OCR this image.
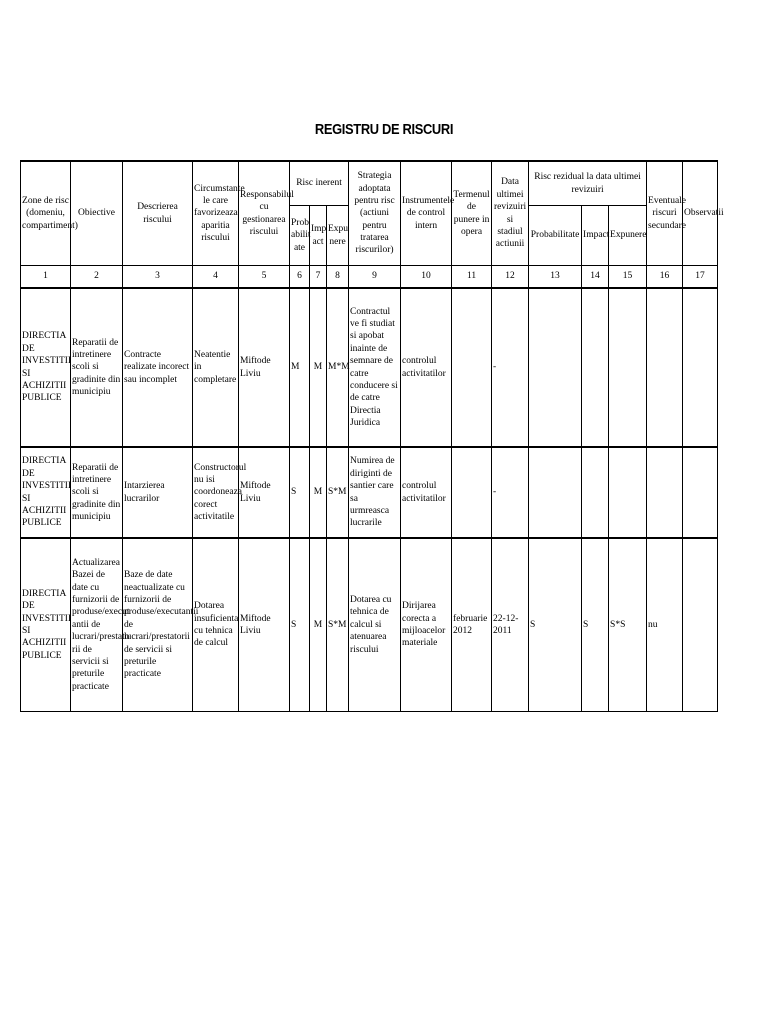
REGISTRU DE RISCURI
Zone de risc (domeniu, compartiment)	Obiective	Descrierea riscului	Circumstante le care favorizeaza aparitia riscului	Responsabilul cu gestionarea riscului	Risc inerent			Strategia adoptata pentru risc (actiuni pentru tratarea riscurilor)	Instrumentele de control intern	Termenul de punere in opera	Data ultimei revizuiri si stadiul actiunii	Risc rezidual la data ultimei revizuiri			Eventuale riscuri secundare	Observatii
					Prob abilit ate	Imp act	Expu nere					Probabilitate	Impact	Expunere		
1	2	3	4	5	6	7	8	9	10	11	12	13	14	15	16	17
DIRECTIA DE INVESTITII SI ACHIZITII PUBLICE	Reparatii de intretinere scoli si gradinite din municipiu	Contracte realizate incorect sau incomplet	Neatentie in completare	Miftode Liviu	M	M	M*M	Contractul ve fi studiat si apobat inainte de semnare de catre conducere si de catre Directia Juridica	controlul activitatilor		-					
DIRECTIA DE INVESTITII SI ACHIZITII PUBLICE	Reparatii de intretinere scoli si gradinite din municipiu	Intarzierea lucrarilor	Constructorul nu isi coordoneaza corect activitatile	Miftode Liviu	S	M	S*M	Numirea de diriginti de santier care sa urmreasca lucrarile	controlul activitatilor		-					
DIRECTIA DE INVESTITII SI ACHIZITII PUBLICE	Actualizarea Bazei de date cu furnizorii de produse/execut antii de lucrari/prestato rii de servicii si preturile practicate	Baze de date neactualizate cu furnizorii de produse/executantii de lucrari/prestatorii de servicii si preturile practicate	Dotarea insuficienta cu tehnica de calcul	Miftode Liviu	S	M	S*M	Dotarea cu tehnica de calcul si atenuarea riscului	Dirijarea corecta a mijloacelor materiale	februarie 2012	22-12-2011	S	S	S*S	nu	
